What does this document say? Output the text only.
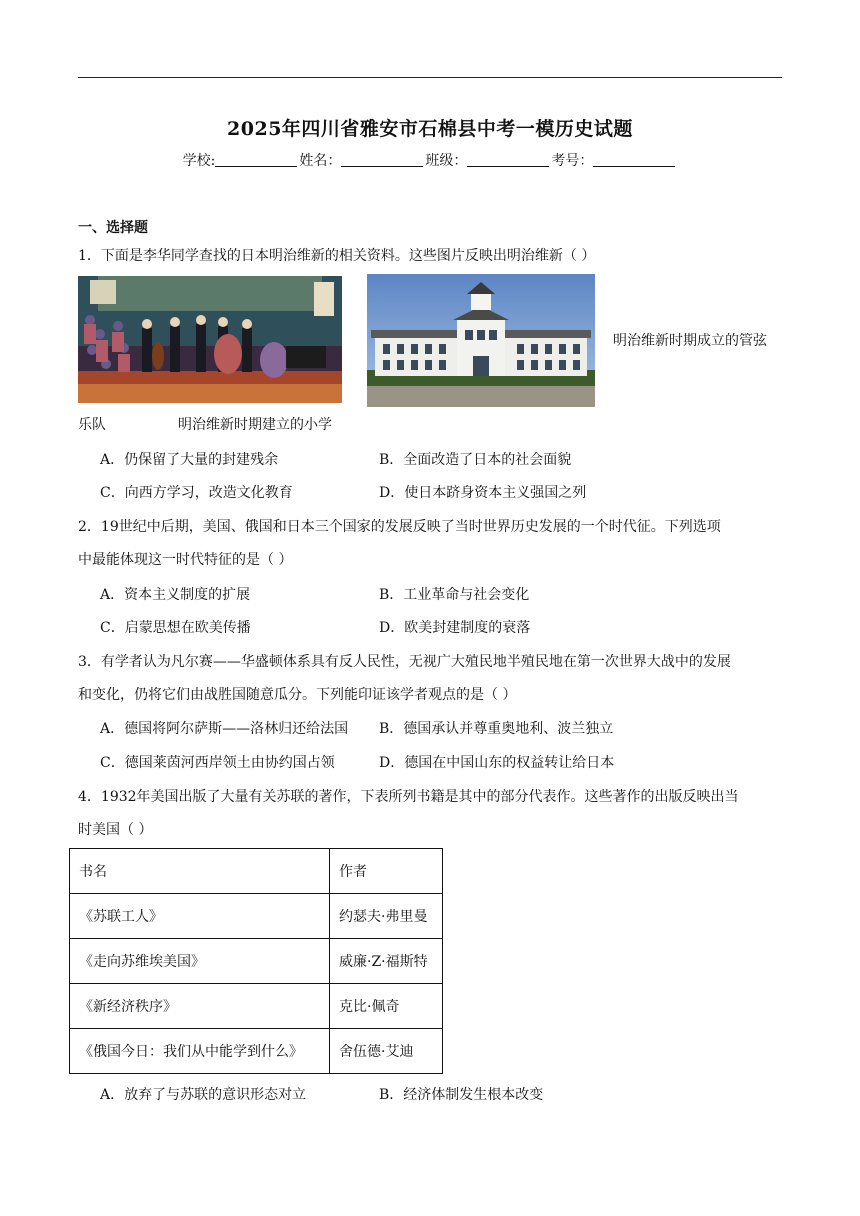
2025年四川省雅安市石棉县中考一模历史试题
学校:	姓名：	班级：	考号：
一、选择题
1．下面是李华同学查找的日本明治维新的相关资料。这些图片反映出明治维新（ ）
明治维新时期成立的管弦
乐队	明治维新时期建立的小学
A．仍保留了大量的封建残余	B．全面改造了日本的社会面貌
C．向西方学习，改造文化教育	D．使日本跻身资本主义强国之列
2．19世纪中后期，美国、俄国和日本三个国家的发展反映了当时世界历史发展的一个时代征。下列选项
中最能体现这一时代特征的是（ ）
A．资本主义制度的扩展	B．工业革命与社会变化
C．启蒙思想在欧美传播	D．欧美封建制度的衰落
3．有学者认为凡尔赛——华盛顿体系具有反人民性，无视广大殖民地半殖民地在第一次世界大战中的发展
和变化，仍将它们由战胜国随意瓜分。下列能印证该学者观点的是（ ）
A．德国将阿尔萨斯——洛林归还给法国 B．德国承认并尊重奥地利、波兰独立
C．德国莱茵河西岸领土由协约国占领	D．德国在中国山东的权益转让给日本
4．1932年美国出版了大量有关苏联的著作，下表所列书籍是其中的部分代表作。这些著作的出版反映出当
时美国（ ）
书名	作者
《苏联工人》	约瑟夫·弗里曼
《走向苏维埃美国》	威廉·Z·福斯特
《新经济秩序》	克比·佩奇
《俄国今日：我们从中能学到什么》	舍伍德·艾迪
A．放弃了与苏联的意识形态对立	B．经济体制发生根本改变
